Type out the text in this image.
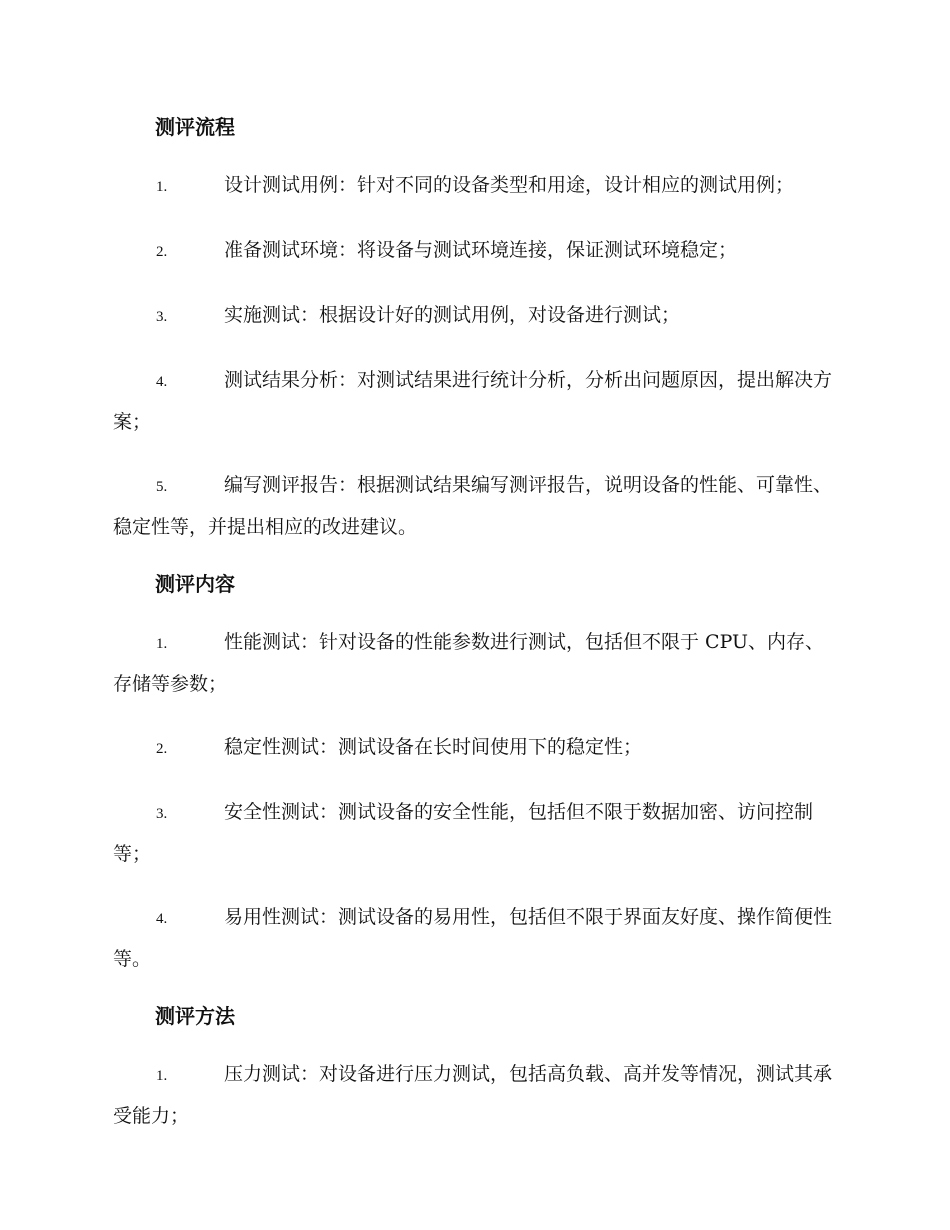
测评流程
1.	设计测试用例：针对不同的设备类型和用途，设计相应的测试用例；
2.	准备测试环境：将设备与测试环境连接，保证测试环境稳定；
3.	实施测试：根据设计好的测试用例，对设备进行测试；
4.	测试结果分析：对测试结果进行统计分析，分析出问题原因，提出解决方案；
5.	编写测评报告：根据测试结果编写测评报告，说明设备的性能、可靠性、稳定性等，并提出相应的改进建议。
测评内容
1.	性能测试：针对设备的性能参数进行测试，包括但不限于 CPU、内存、存储等参数；
2.	稳定性测试：测试设备在长时间使用下的稳定性；
3.	安全性测试：测试设备的安全性能，包括但不限于数据加密、访问控制等；
4.	易用性测试：测试设备的易用性，包括但不限于界面友好度、操作简便性等。
测评方法
1.	压力测试：对设备进行压力测试，包括高负载、高并发等情况，测试其承受能力；
